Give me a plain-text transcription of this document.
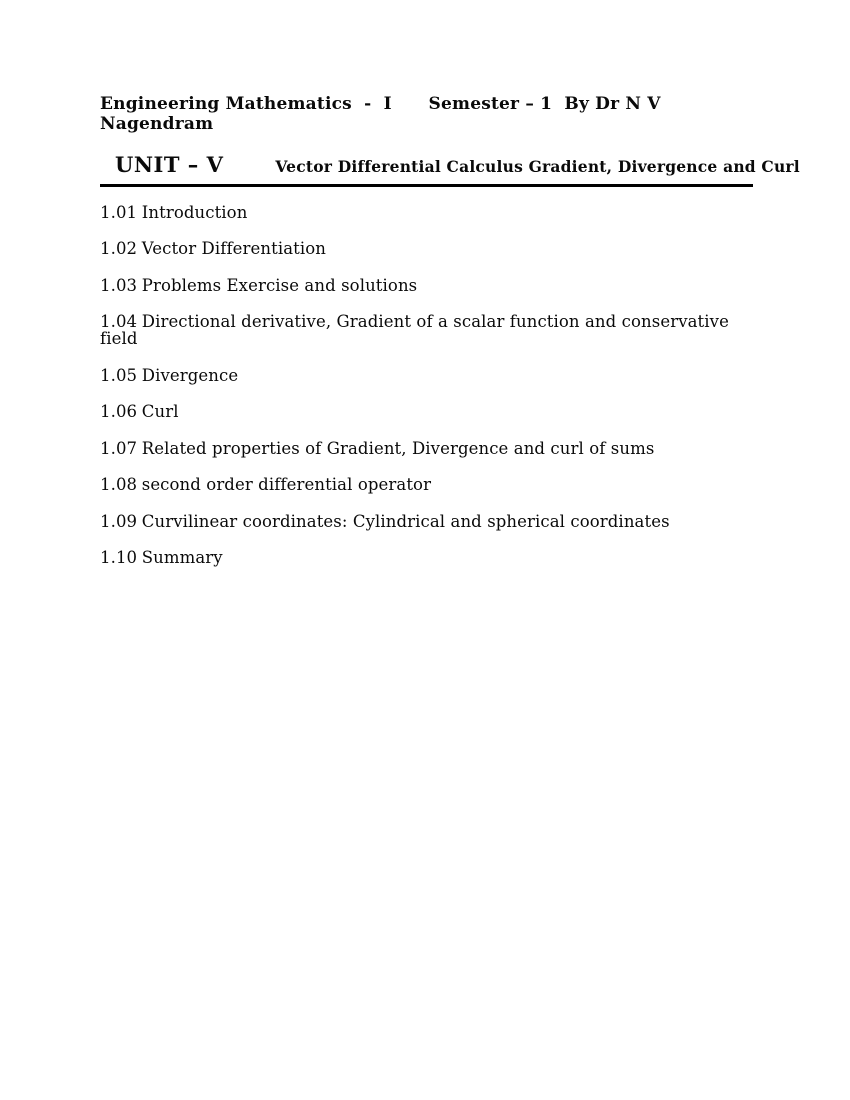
Engineering Mathematics  -  I      Semester – 1  By Dr N V Nagendram
UNIT – V	Vector Differential Calculus Gradient, Divergence and Curl
1.01 Introduction
1.02 Vector Differentiation
1.03 Problems Exercise and solutions
1.04 Directional derivative, Gradient of a scalar function and conservative field
1.05 Divergence
1.06 Curl
1.07 Related properties of Gradient, Divergence and curl of sums
1.08 second order differential operator
1.09 Curvilinear coordinates: Cylindrical and spherical coordinates
1.10 Summary
